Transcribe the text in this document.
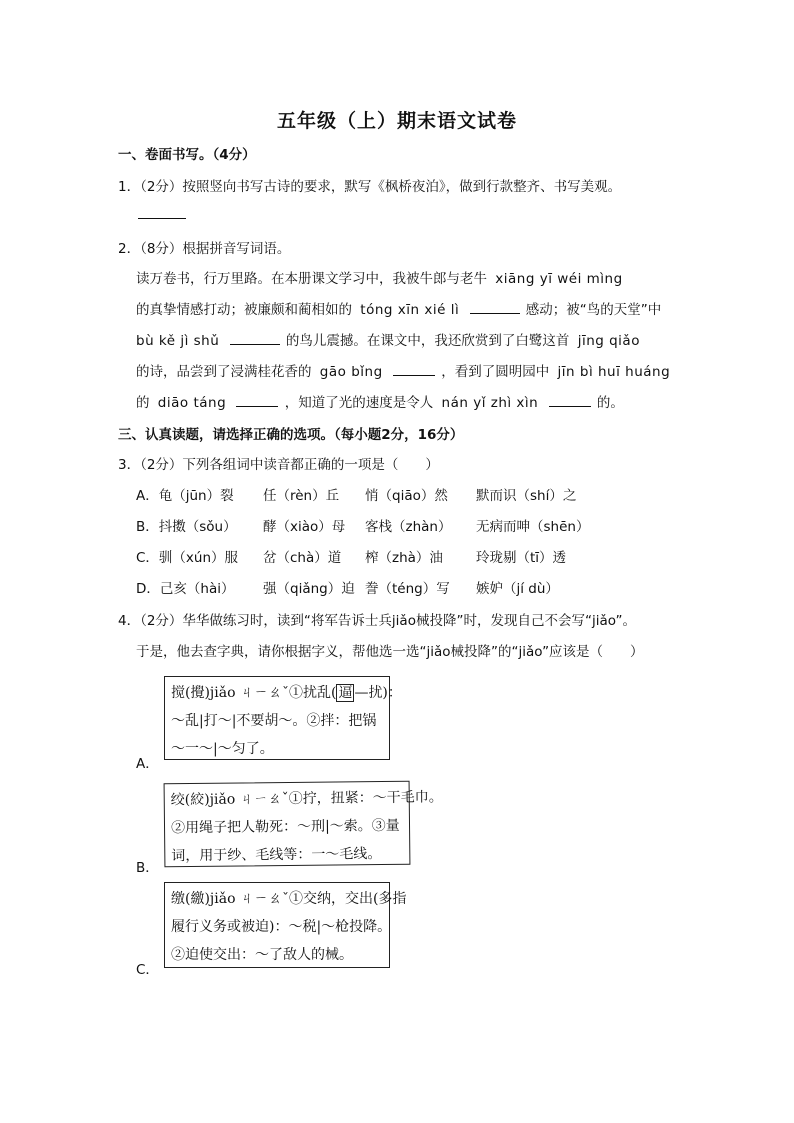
五年级（上）期末语文试卷
一、卷面书写。（4分）
1．（2分）按照竖向书写古诗的要求，默写《枫桥夜泊》，做到行款整齐、书写美观。
2．（8分）根据拼音写词语。
读万卷书，行万里路。在本册课文学习中，我被牛郎与老牛 xiāng yī wéi mìng
的真挚情感打动；被廉颇和蔺相如的 tóng xīn xié lì	感动；被“鸟的天堂”中
bù kě jì shǔ	的鸟儿震撼。在课文中，我还欣赏到了白鹭这首 jīng qiǎo
的诗，品尝到了浸满桂花香的 gāo bǐng	，看到了圆明园中 jīn bì huī huáng
的 diāo táng	，知道了光的速度是令人 nán yǐ zhì xìn	的。
三、认真读题，请选择正确的选项。（每小题2分，16分）
3．（2分）下列各组词中读音都正确的一项是（　　）
A．龟（jūn）裂 任（rèn）丘 悄（qiāo）然 默而识（shí）之
B．抖擞（sǒu） 酵（xiào）母 客栈（zhàn） 无病而呻（shēn）
C．驯（xún）服 岔（chà）道 榨（zhà）油 玲珑剔（tī）透
D．己亥（hài） 强（qiǎng）迫 誊（téng）写 嫉妒（jí dù）
4．（2分）华华做练习时，读到“将军告诉士兵jiǎo械投降”时，发现自己不会写“jiǎo”。
于是，他去查字典，请你根据字义，帮他选一选“jiǎo械投降”的“jiǎo”应该是（　　）

搅(攪)jiǎo ㄐㄧㄠˇ①扰乱( 逼 —扰)：

～乱|打～|不要胡～。②拌：把锅

～一～|～匀了。

A．

绞(絞)jiǎo ㄐㄧㄠˇ①拧，扭紧：～干毛巾。

②用绳子把人勒死：～刑|～索。③量

词，用于纱、毛线等：一～毛线。

B．

缴(繳)jiǎo ㄐㄧㄠˇ①交纳，交出(多指

履行义务或被迫)：～税|～枪投降。

②迫使交出：～了敌人的械。

C．
